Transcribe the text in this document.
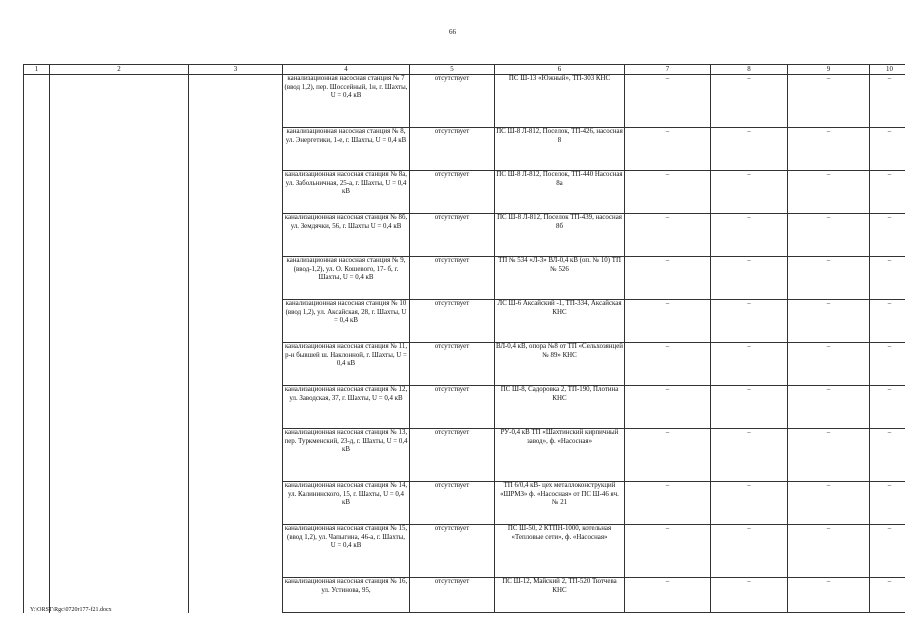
66
1	2	3	4	5	6	7	8	9	10
			канализационная насосная станция № 7 (ввод 1,2), пер. Шоссейный, 1н, г. Шахты, U = 0,4 кВ	отсутствует	ПС Ш-13 «Южный», ТП-303 КНС	–	–	–	–
			канализационная насосная станция № 8, ул. Энергетики, 1-е, г. Шахты, U = 0,4 кВ	отсутствует	ПС Ш-8 Л-812, Поселок, ТП-426, насосная 8	–	–	–	–
			канализационная насосная станция № 8а, ул. Забольничная, 25-а, г. Шахты, U = 0,4 кВ	отсутствует	ПС Ш-8 Л-812, Поселок, ТП-440 Насосная 8а	–	–	–	–
			канализационная насосная станция № 8б, ул. Земдячки, 56, г. Шахты U = 0,4 кВ	отсутствует	ПС Ш-8 Л-812, Поселок ТП-439, насосная 8б	–	–	–	–
			канализационная насосная станция № 9, (ввод-1,2), ул. О. Кошевого, 17- б, г. Шахты, U = 0,4 кВ	отсутствует	ТП № 534 «Л-3» ВЛ-0,4 кВ (оп. № 10) ТП № 526	–	–	–	–
			канализационная насосная станция № 10 (ввод 1,2), ул. Аксайская, 28, г. Шахты, U = 0,4 кВ	отсутствует	ЛС Ш-6 Аксайский -1, ТП-334, Аксайская КНС	–	–	–	–
			канализационная насосная станция № 11, р-н бывшей ш. Наклонной, г. Шахты, U = 0,4 кВ	отсутствует	ВЛ-0,4 кВ, опора №8 от ТП «Сельхозянцей № 89» КНС	–	–	–	–
			канализационная насосная станция № 12, ул. Заводская, 37, г. Шахты, U = 0,4 кВ	отсутствует	ПС Ш-8, Садоровка 2, ТП-190, Плотина КНС	–	–	–	–
			канализационная насосная станция № 13, пер. Туркменский, 23-д, г. Шахты, U = 0,4 кВ	отсутствует	РУ-0,4 кВ ТП «Шахтинский кирпичный завод», ф. «Насосная»	–	–	–	–
			канализационная насосная станция № 14, ул. Калининского, 15, г. Шахты, U = 0,4 кВ	отсутствует	ТП 6/0,4 кВ- цех металлоконструкций «ШРМЗ» ф. «Насосная» от ПС Ш-46 яч. № 21	–	–	–	–
			канализационная насосная станция № 15, (ввод 1,2), ул. Чапыгина, 46-а, г. Шахты, U = 0,4 кВ	отсутствует	ПС Ш-50, 2 КТПН-1000, котельная «Тепловые сети», ф. «Насосная»	–	–	–	–
			канализационная насосная станция № 16, ул. Устинова, 95,	отсутствует	ПС Ш-12, Майский 2, ТП-520 Тютчева КНС	–	–	–	–
Y:\ORST\Rgc\0720r177-f21.docx
